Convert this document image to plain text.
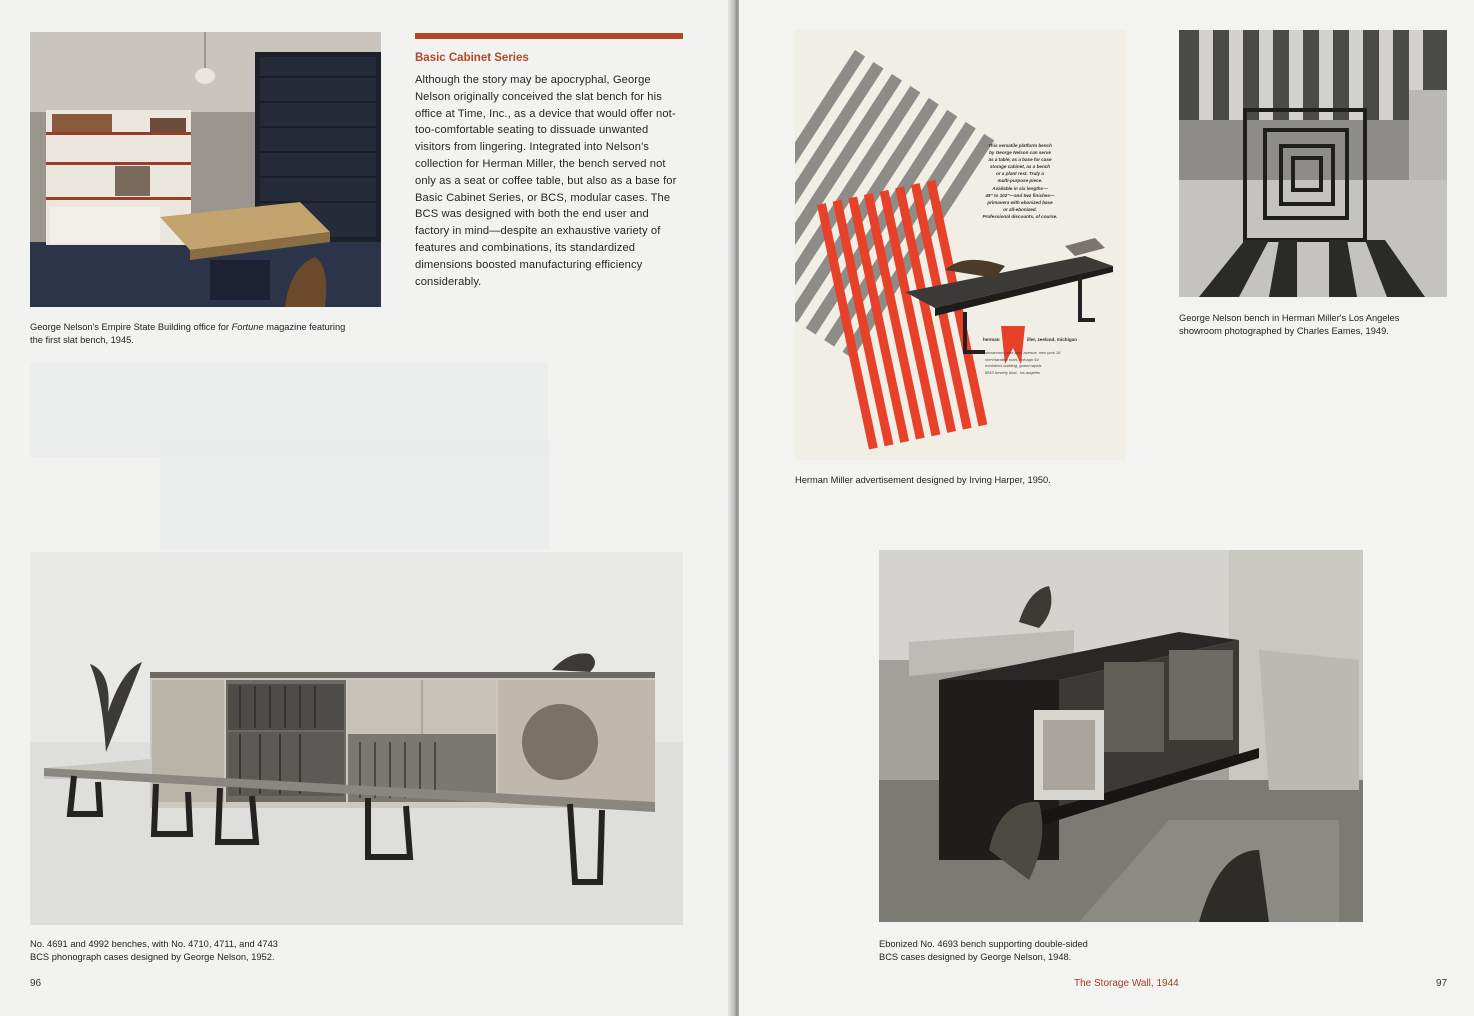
George Nelson's Empire State Building office for Fortune magazine featuring the first slat bench, 1945.

Basic Cabinet Series

Although the story may be apocryphal, George Nelson originally conceived the slat bench for his office at Time, Inc., as a device that would offer not-too-comfortable seating to dissuade unwanted visitors from lingering. Integrated into Nelson's collection for Herman Miller, the bench served not only as a seat or coffee table, but also as a base for Basic Cabinet Series, or BCS, modular cases. The BCS was designed with both the end user and factory in mind—despite an exhaustive variety of features and combinations, its standardized dimensions boosted manufacturing efficiency considerably.

No. 4691 and 4992 benches, with No. 4710, 4711, and 4743
BCS phonograph cases designed by George Nelson, 1952.

96
This versatile platform bench
by George Nelson can serve
as a table, as a base for case
storage cabinet, as a bench
or a plant rest. Truly a
multi-purpose piece.
Available in six lengths—
48" to 102"—and two finishes—
primavera with ebonized base
or all-ebonized.
Professional discounts, of course.
herman	iller, zeeland, michigan
showrooms-one park avenue, new york 16
merchandise mart, chicago 54
exhibitors building, grand rapids
8810 beverly blvd., los angeles

Herman Miller advertisement designed by Irving Harper, 1950.

George Nelson bench in Herman Miller's Los Angeles
showroom photographed by Charles Eames, 1949.

Ebonized No. 4693 bench supporting double-sided
BCS cases designed by George Nelson, 1948.

The Storage Wall, 1944	97
